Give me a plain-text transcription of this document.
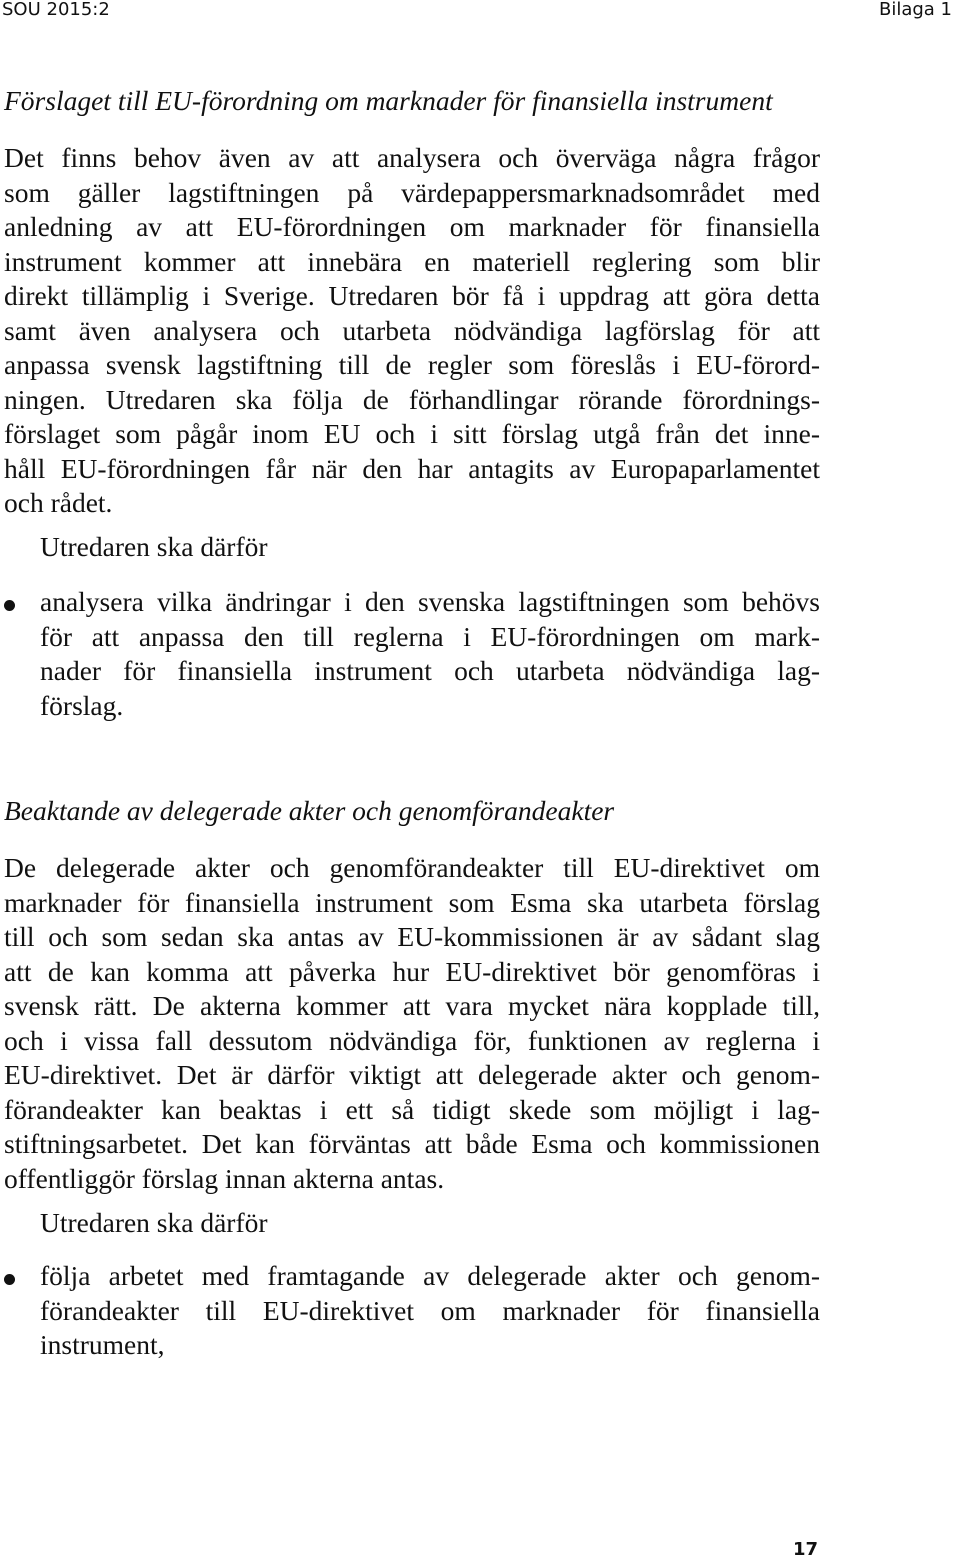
SOU 2015:2	Bilaga 1
Förslaget till EU-förordning om marknader för finansiella instrument
Det finns behov även av att analysera och överväga några frågor
som gäller lagstiftningen på värdepappersmarknadsområdet med
anledning av att EU-förordningen om marknader för finansiella
instrument kommer att innebära en materiell reglering som blir
direkt tillämplig i Sverige. Utredaren bör få i uppdrag att göra detta
samt även analysera och utarbeta nödvändiga lagförslag för att
anpassa svensk lagstiftning till de regler som föreslås i EU-förord-
ningen. Utredaren ska följa de förhandlingar rörande förordnings-
förslaget som pågår inom EU och i sitt förslag utgå från det inne-
håll EU-förordningen får när den har antagits av Europaparlamentet
och rådet.
Utredaren ska därför
analysera vilka ändringar i den svenska lagstiftningen som behövs
för att anpassa den till reglerna i EU-förordningen om mark-
nader för finansiella instrument och utarbeta nödvändiga lag-
förslag.
Beaktande av delegerade akter och genomförandeakter
De delegerade akter och genomförandeakter till EU-direktivet om
marknader för finansiella instrument som Esma ska utarbeta förslag
till och som sedan ska antas av EU-kommissionen är av sådant slag
att de kan komma att påverka hur EU-direktivet bör genomföras i
svensk rätt. De akterna kommer att vara mycket nära kopplade till,
och i vissa fall dessutom nödvändiga för, funktionen av reglerna i
EU-direktivet. Det är därför viktigt att delegerade akter och genom-
förandeakter kan beaktas i ett så tidigt skede som möjligt i lag-
stiftningsarbetet. Det kan förväntas att både Esma och kommissionen
offentliggör förslag innan akterna antas.
Utredaren ska därför
följa arbetet med framtagande av delegerade akter och genom-
förandeakter till EU-direktivet om marknader för finansiella
instrument,
17
